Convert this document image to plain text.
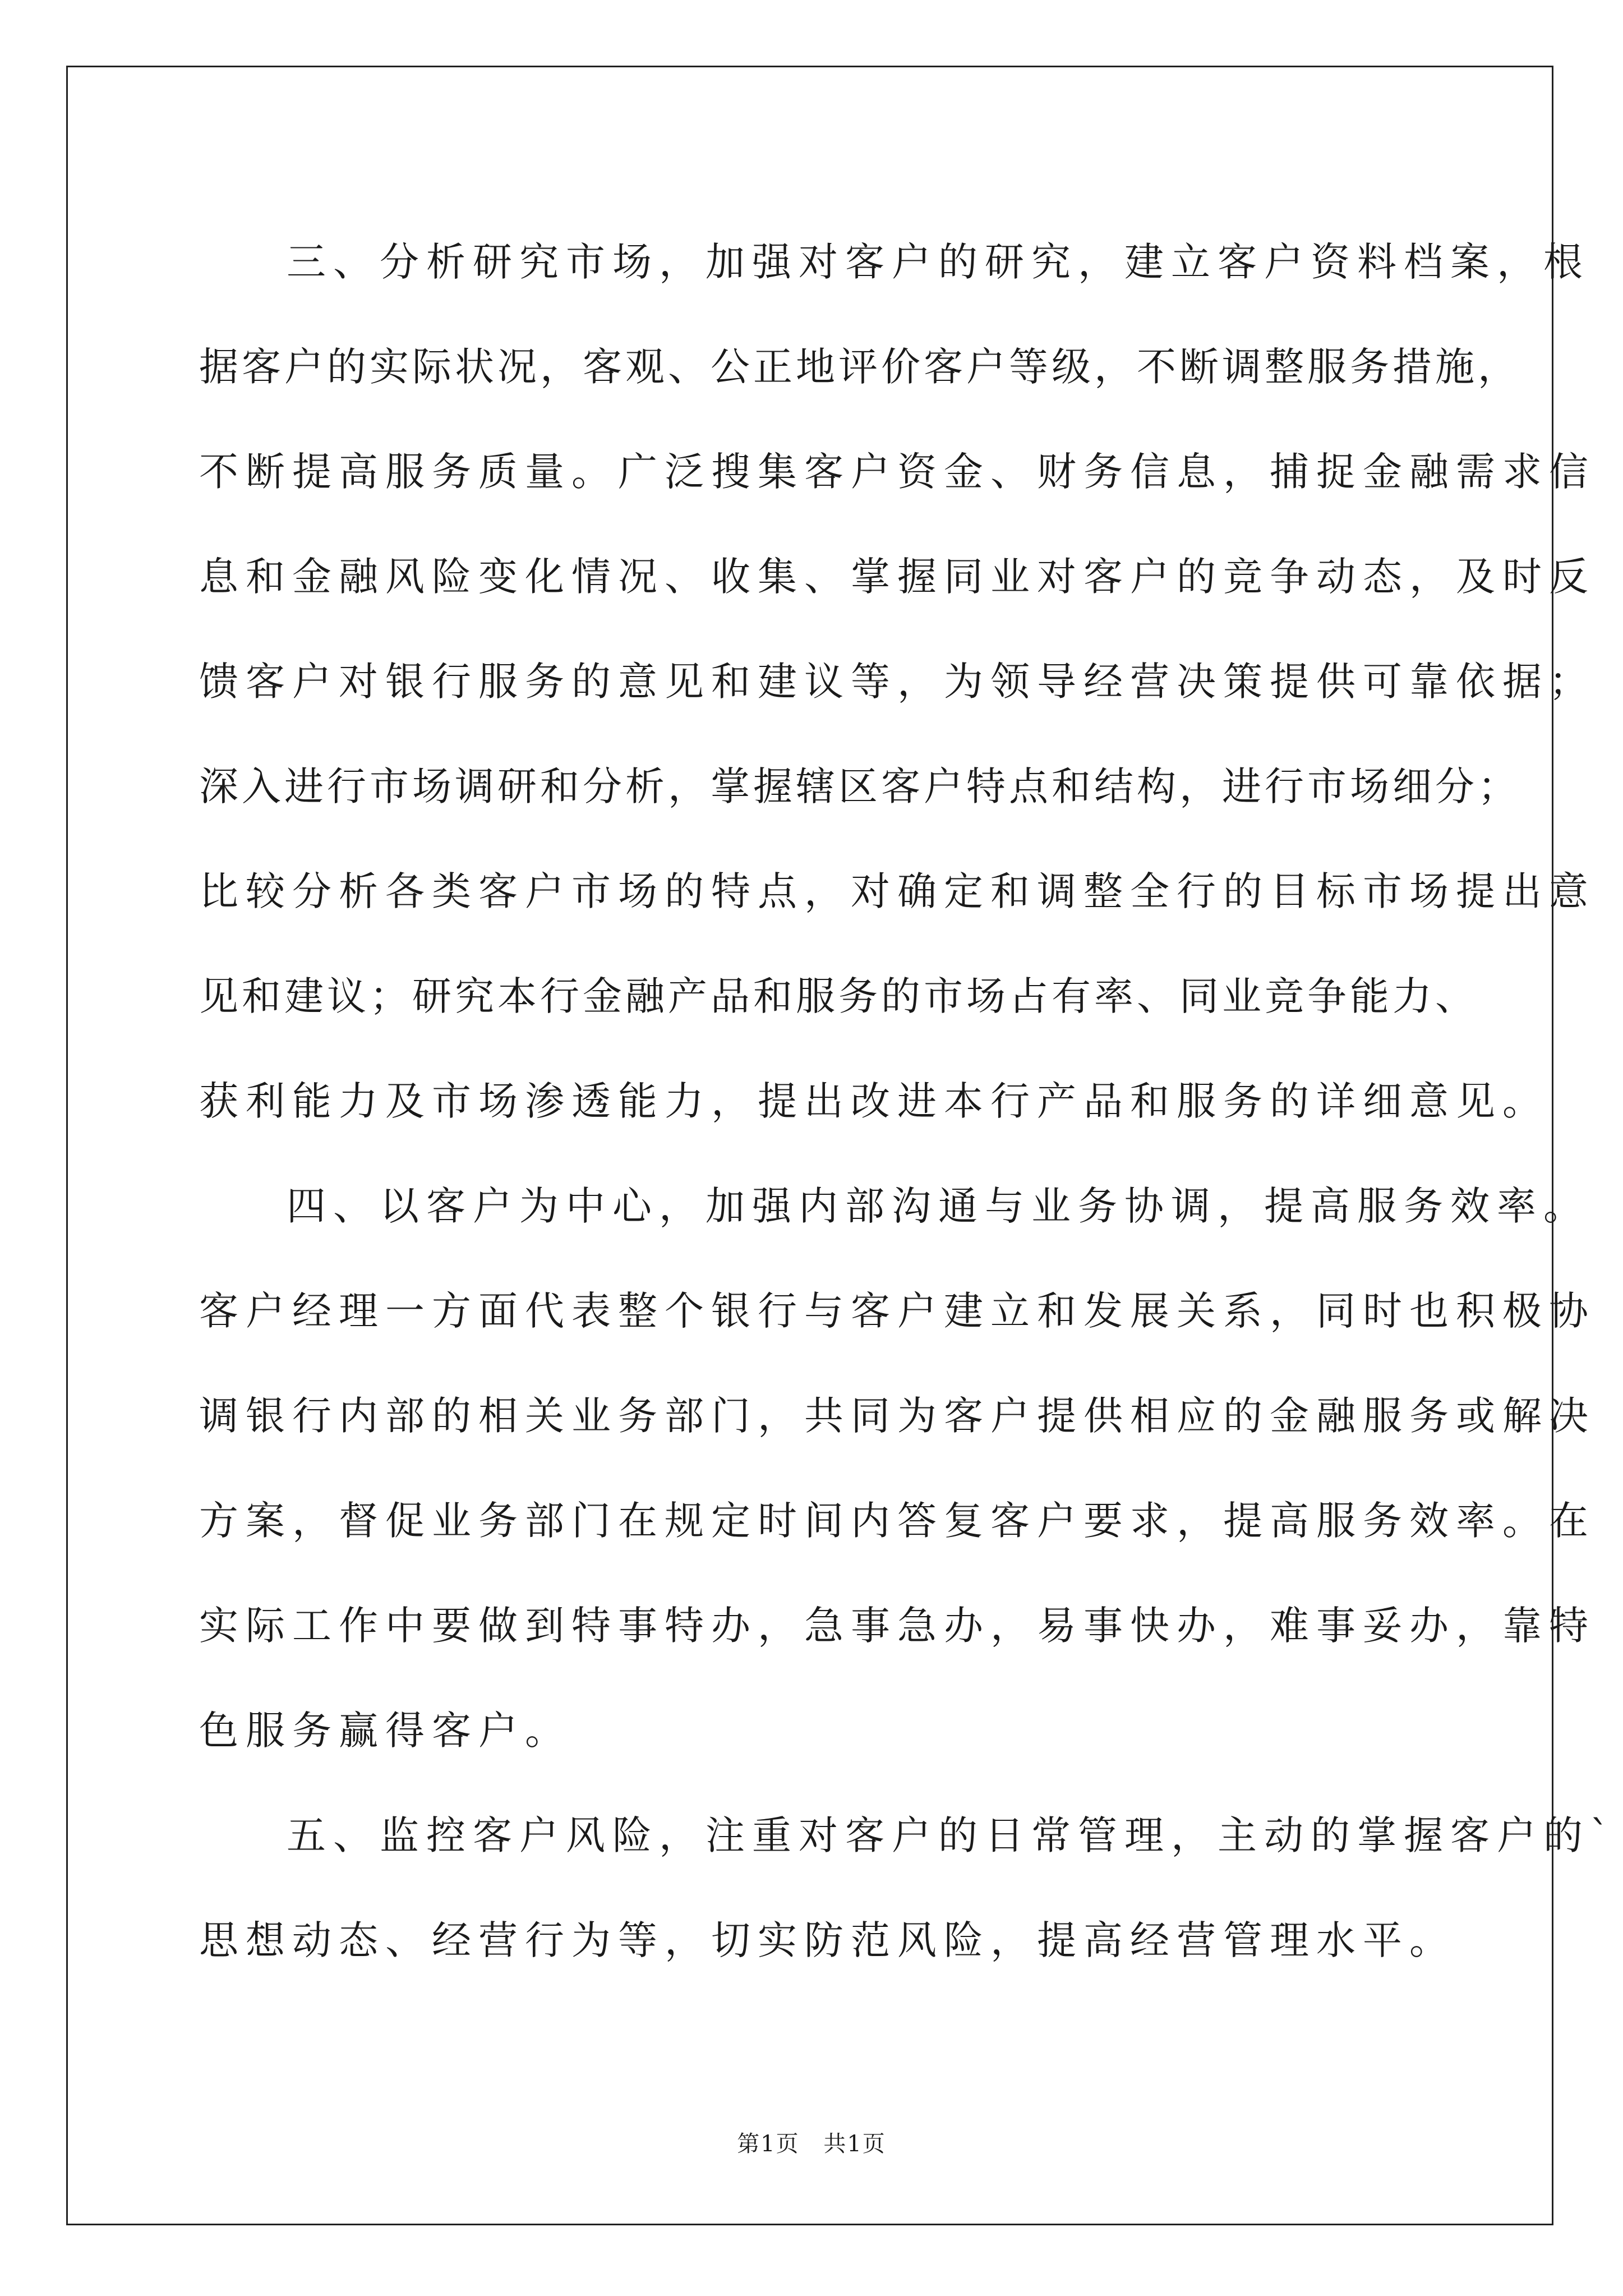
三、分析研究市场，加强对客户的研究，建立客户资料档案，根
据客户的实际状况，客观、公正地评价客户等级，不断调整服务措施，
不断提高服务质量。广泛搜集客户资金、财务信息，捕捉金融需求信
息和金融风险变化情况、收集、掌握同业对客户的竞争动态，及时反
馈客户对银行服务的意见和建议等，为领导经营决策提供可靠依据；
深入进行市场调研和分析，掌握辖区客户特点和结构，进行市场细分；
比较分析各类客户市场的特点，对确定和调整全行的目标市场提出意
见和建议；研究本行金融产品和服务的市场占有率、同业竞争能力、
获利能力及市场渗透能力，提出改进本行产品和服务的详细意见。
四、以客户为中心，加强内部沟通与业务协调，提高服务效率。
客户经理一方面代表整个银行与客户建立和发展关系，同时也积极协
调银行内部的相关业务部门，共同为客户提供相应的金融服务或解决
方案，督促业务部门在规定时间内答复客户要求，提高服务效率。在
实际工作中要做到特事特办，急事急办，易事快办，难事妥办，靠特
色服务赢得客户。
五、监控客户风险，注重对客户的日常管理，主动的掌握客户的`
思想动态、经营行为等，切实防范风险，提高经营管理水平。
第1页 共1页
